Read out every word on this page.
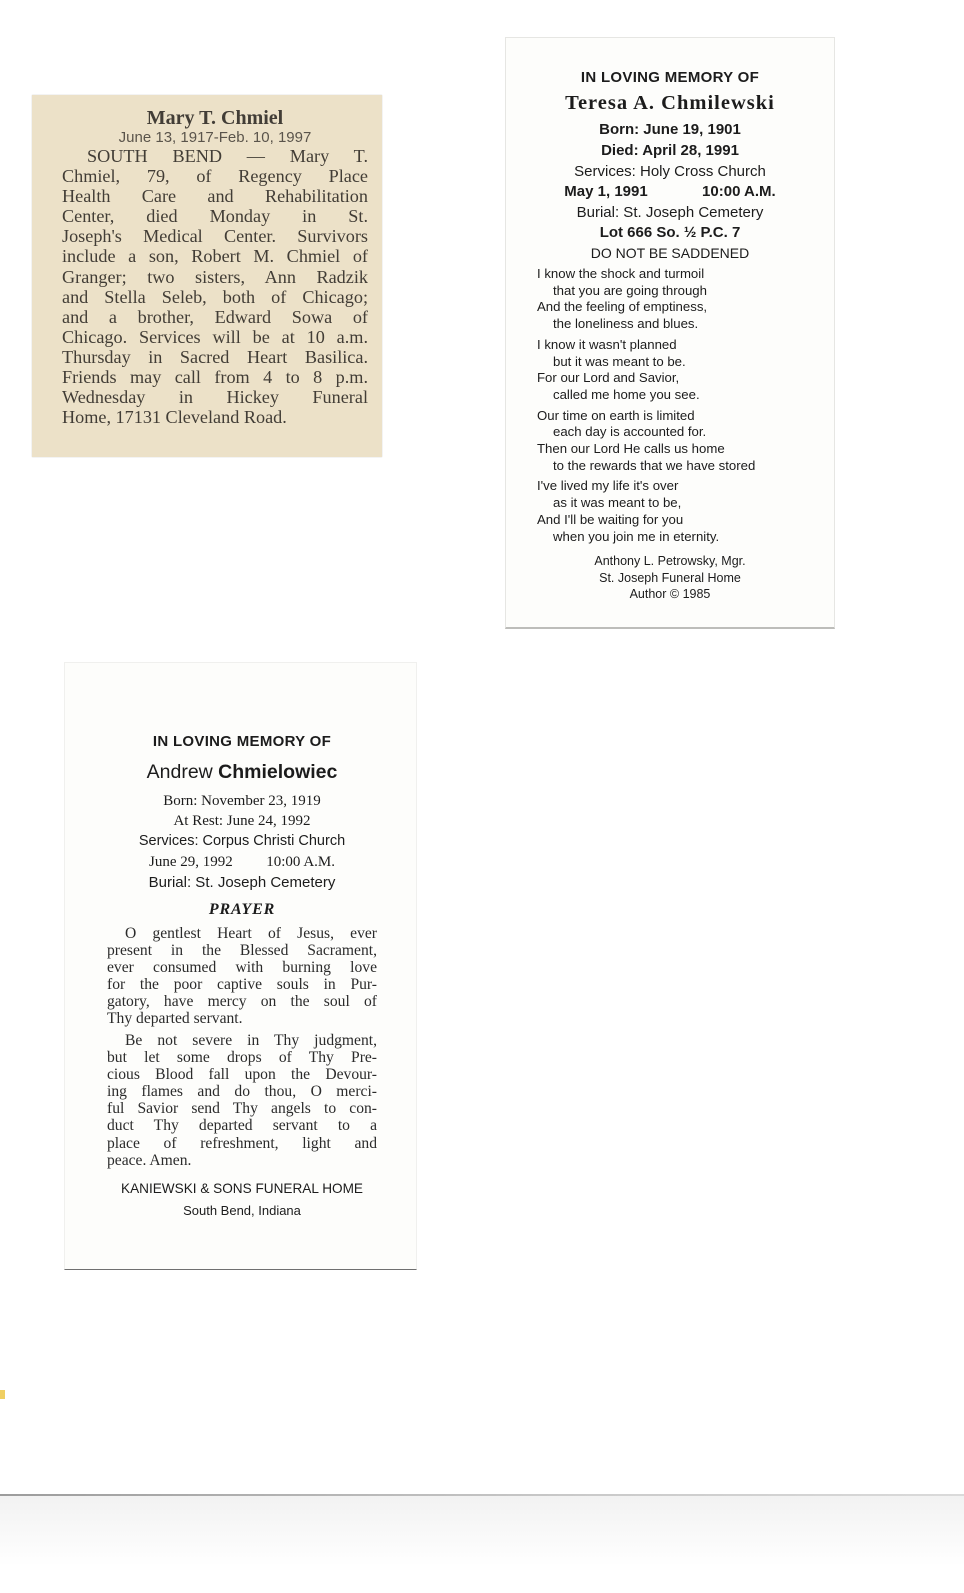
Mary T. Chmiel
June 13, 1917-Feb. 10, 1997
SOUTH BEND — Mary T.
Chmiel, 79, of Regency Place
Health Care and Rehabilitation
Center, died Monday in St.
Joseph's Medical Center. Survivors
include a son, Robert M. Chmiel of
Granger; two sisters, Ann Radzik
and Stella Seleb, both of Chicago;
and a brother, Edward Sowa of
Chicago. Services will be at 10 a.m.
Thursday in Sacred Heart Basilica.
Friends may call from 4 to 8 p.m.
Wednesday in Hickey Funeral
Home, 17131 Cleveland Road.
IN LOVING MEMORY OF
Teresa A. Chmilewski
Born: June 19, 1901
Died: April 28, 1991
Services: Holy Cross Church
May 1, 1991	10:00 A.M.
Burial: St. Joseph Cemetery
Lot 666 So. ½ P.C. 7
DO NOT BE SADDENED
I know the shock and turmoil
that you are going through
And the feeling of emptiness,
the loneliness and blues.
I know it wasn't planned
but it was meant to be.
For our Lord and Savior,
called me home you see.
Our time on earth is limited
each day is accounted for.
Then our Lord He calls us home
to the rewards that we have stored
I've lived my life it's over
as it was meant to be,
And I'll be waiting for you
when you join me in eternity.
Anthony L. Petrowsky, Mgr.
St. Joseph Funeral Home
Author © 1985
IN LOVING MEMORY OF
Andrew Chmielowiec
Born: November 23, 1919
At Rest: June 24, 1992
Services: Corpus Christi Church
June 29, 1992 10:00 A.M.
Burial: St. Joseph Cemetery
PRAYER
O gentlest Heart of Jesus, ever
present in the Blessed Sacrament,
ever consumed with burning love
for the poor captive souls in Pur-
gatory, have mercy on the soul of
Thy departed servant.
Be not severe in Thy judgment,
but let some drops of Thy Pre-
cious Blood fall upon the Devour-
ing flames and do thou, O merci-
ful Savior send Thy angels to con-
duct Thy departed servant to a
place of refreshment, light and
peace. Amen.
KANIEWSKI & SONS FUNERAL HOME
South Bend, Indiana
